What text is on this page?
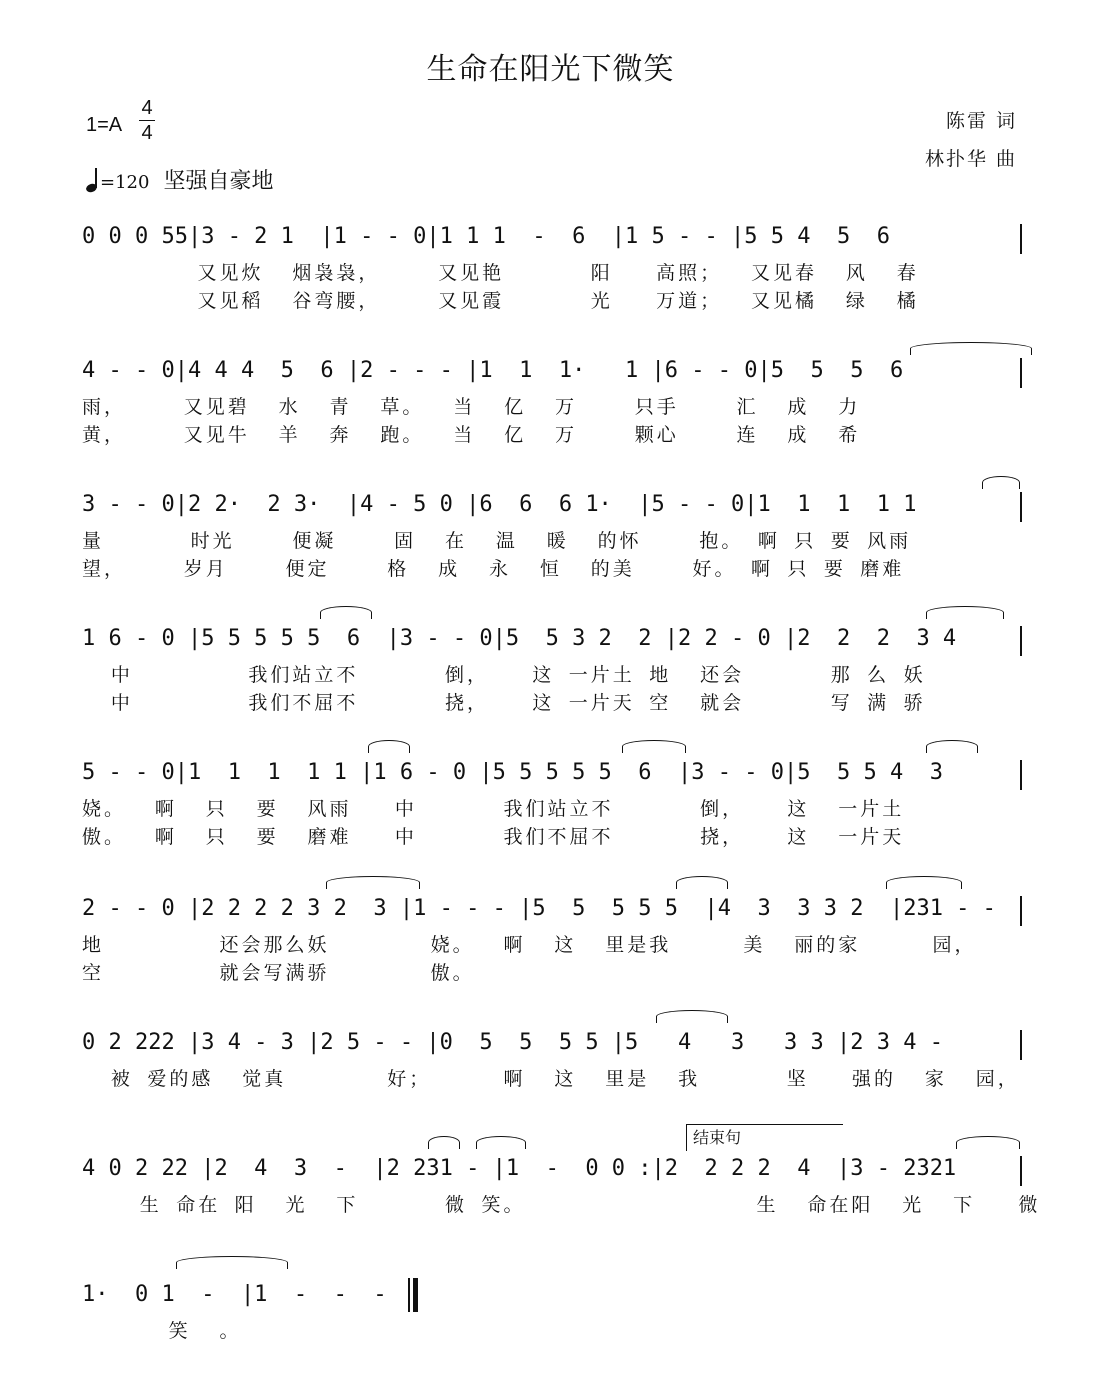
生命在阳光下微笑
1=A
4
4
=120 坚强自豪地
陈雷 词
林扑华 曲
0 0 0 55|3 - 2 1  |1 - - 0|1 1 1  -  6  |1 5 - - |5 5 4  5  6
又见炊  烟袅袅，    又见艳      阳   高照；  又见春  风  春
又见稻  谷弯腰，    又见霞      光   万道；  又见橘  绿  橘
4 - - 0|4 4 4  5  6 |2 - - - |1  1  1·   1 |6 - - 0|5  5  5  6
雨，    又见碧  水  青  草。  当  亿  万    只手    汇  成  力
黄，    又见牛  羊  奔  跑。  当  亿  万    颗心    连  成  希
3 - - 0|2 2·  2 3·  |4 - 5 0 |6  6  6 1·  |5 - - 0|1  1  1  1 1
量      时光    便凝    固  在  温  暖  的怀    抱。 啊 只 要 风雨
望，    岁月    便定    格  成  永  恒  的美    好。 啊 只 要 磨难
1 6 - 0 |5 5 5 5 5  6  |3 - - 0|5  5 3 2  2 |2 2 - 0 |2  2  2  3 4
中        我们站立不      倒，   这 一片土 地  还会      那 么 妖
中        我们不屈不      挠，   这 一片天 空  就会      写 满 骄
5 - - 0|1  1  1  1 1 |1 6 - 0 |5 5 5 5 5  6  |3 - - 0|5  5 5 4  3
娆。  啊  只  要  风雨   中      我们站立不      倒，   这  一片土
傲。  啊  只  要  磨难   中      我们不屈不      挠，   这  一片天
2 - - 0 |2 2 2 2 3 2  3 |1 - - - |5  5  5 5 5  |4  3  3 3 2  |231 - -
地        还会那么妖       娆。  啊  这  里是我     美  丽的家     园，
空        就会写满骄       傲。
0 2 222 |3 4 - 3 |2 5 - - |0  5  5  5 5 |5   4   3   3 3 |2 3 4 -
被 爱的感  觉真       好；     啊  这  里是  我      坚   强的  家  园，
结束句
4 0 2 22 |2  4  3  -  |2 231 - |1  -  0 0 :|2  2 2 2  4  |3 - 2321
生 命在 阳  光  下      微 笑。                生  命在阳  光  下   微
1·  0 1  -  |1  -  -  -
笑  。
